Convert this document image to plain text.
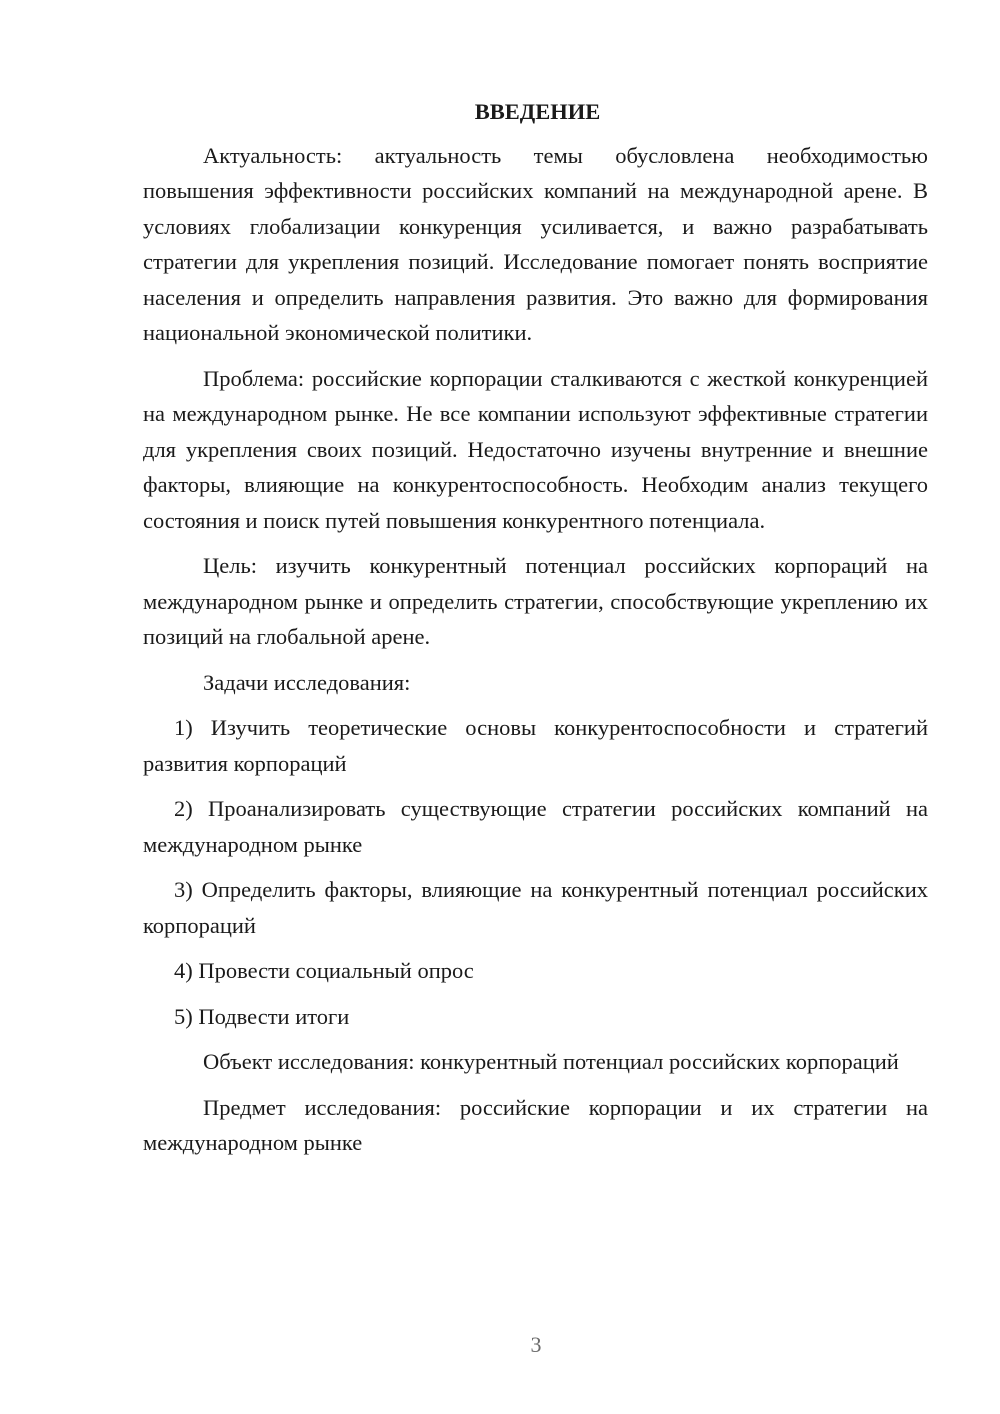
ВВЕДЕНИЕ

Актуальность: актуальность темы обусловлена необходимостью повышения эффективности российских компаний на международной арене. В условиях глобализации конкуренция усиливается, и важно разрабатывать стратегии для укрепления позиций. Исследование помогает понять восприятие населения и определить направления развития. Это важно для формирования национальной экономической политики.

Проблема: российские корпорации сталкиваются с жесткой конкуренцией на международном рынке. Не все компании используют эффективные стратегии для укрепления своих позиций. Недостаточно изучены внутренние и внешние факторы, влияющие на конкурентоспособность. Необходим анализ текущего состояния и поиск путей повышения конкурентного потенциала.

Цель: изучить конкурентный потенциал российских корпораций на международном рынке и определить стратегии, способствующие укреплению их позиций на глобальной арене.

Задачи исследования:

1) Изучить теоретические основы конкурентоспособности и стратегий развития корпораций

2) Проанализировать существующие стратегии российских компаний на международном рынке

3) Определить факторы, влияющие на конкурентный потенциал российских корпораций

4) Провести социальный опрос

5) Подвести итоги

Объект исследования: конкурентный потенциал российских корпораций

Предмет исследования: российские корпорации и их стратегии на международном рынке

3
